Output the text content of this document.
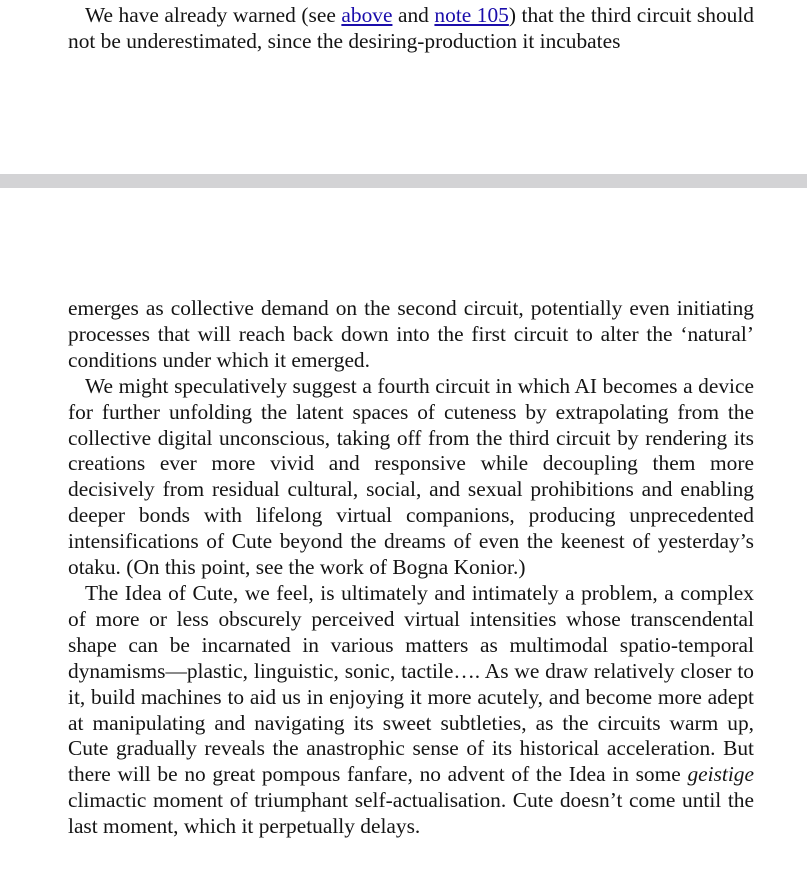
We have already warned (see above and note 105) that the third circuit should not be underestimated, since the desiring-production it incubates

emerges as collective demand on the second circuit, potentially even initiating processes that will reach back down into the first circuit to alter the ‘natural’ conditions under which it emerged.

We might speculatively suggest a fourth circuit in which AI becomes a device for further unfolding the latent spaces of cuteness by extrapolating from the collective digital unconscious, taking off from the third circuit by rendering its creations ever more vivid and responsive while decoupling them more decisively from residual cultural, social, and sexual prohibitions and enabling deeper bonds with lifelong virtual companions, producing unprecedented intensifications of Cute beyond the dreams of even the keenest of yesterday’s otaku. (On this point, see the work of Bogna Konior.)

The Idea of Cute, we feel, is ultimately and intimately a problem, a complex of more or less obscurely perceived virtual intensities whose transcendental shape can be incarnated in various matters as multimodal spatio-temporal dynamisms—plastic, linguistic, sonic, tactile…. As we draw relatively closer to it, build machines to aid us in enjoying it more acutely, and become more adept at manipulating and navigating its sweet subtleties, as the circuits warm up, Cute gradually reveals the anastrophic sense of its historical acceleration. But there will be no great pompous fanfare, no advent of the Idea in some geistige climactic moment of triumphant self-actualisation. Cute doesn’t come until the last moment, which it perpetually delays.
